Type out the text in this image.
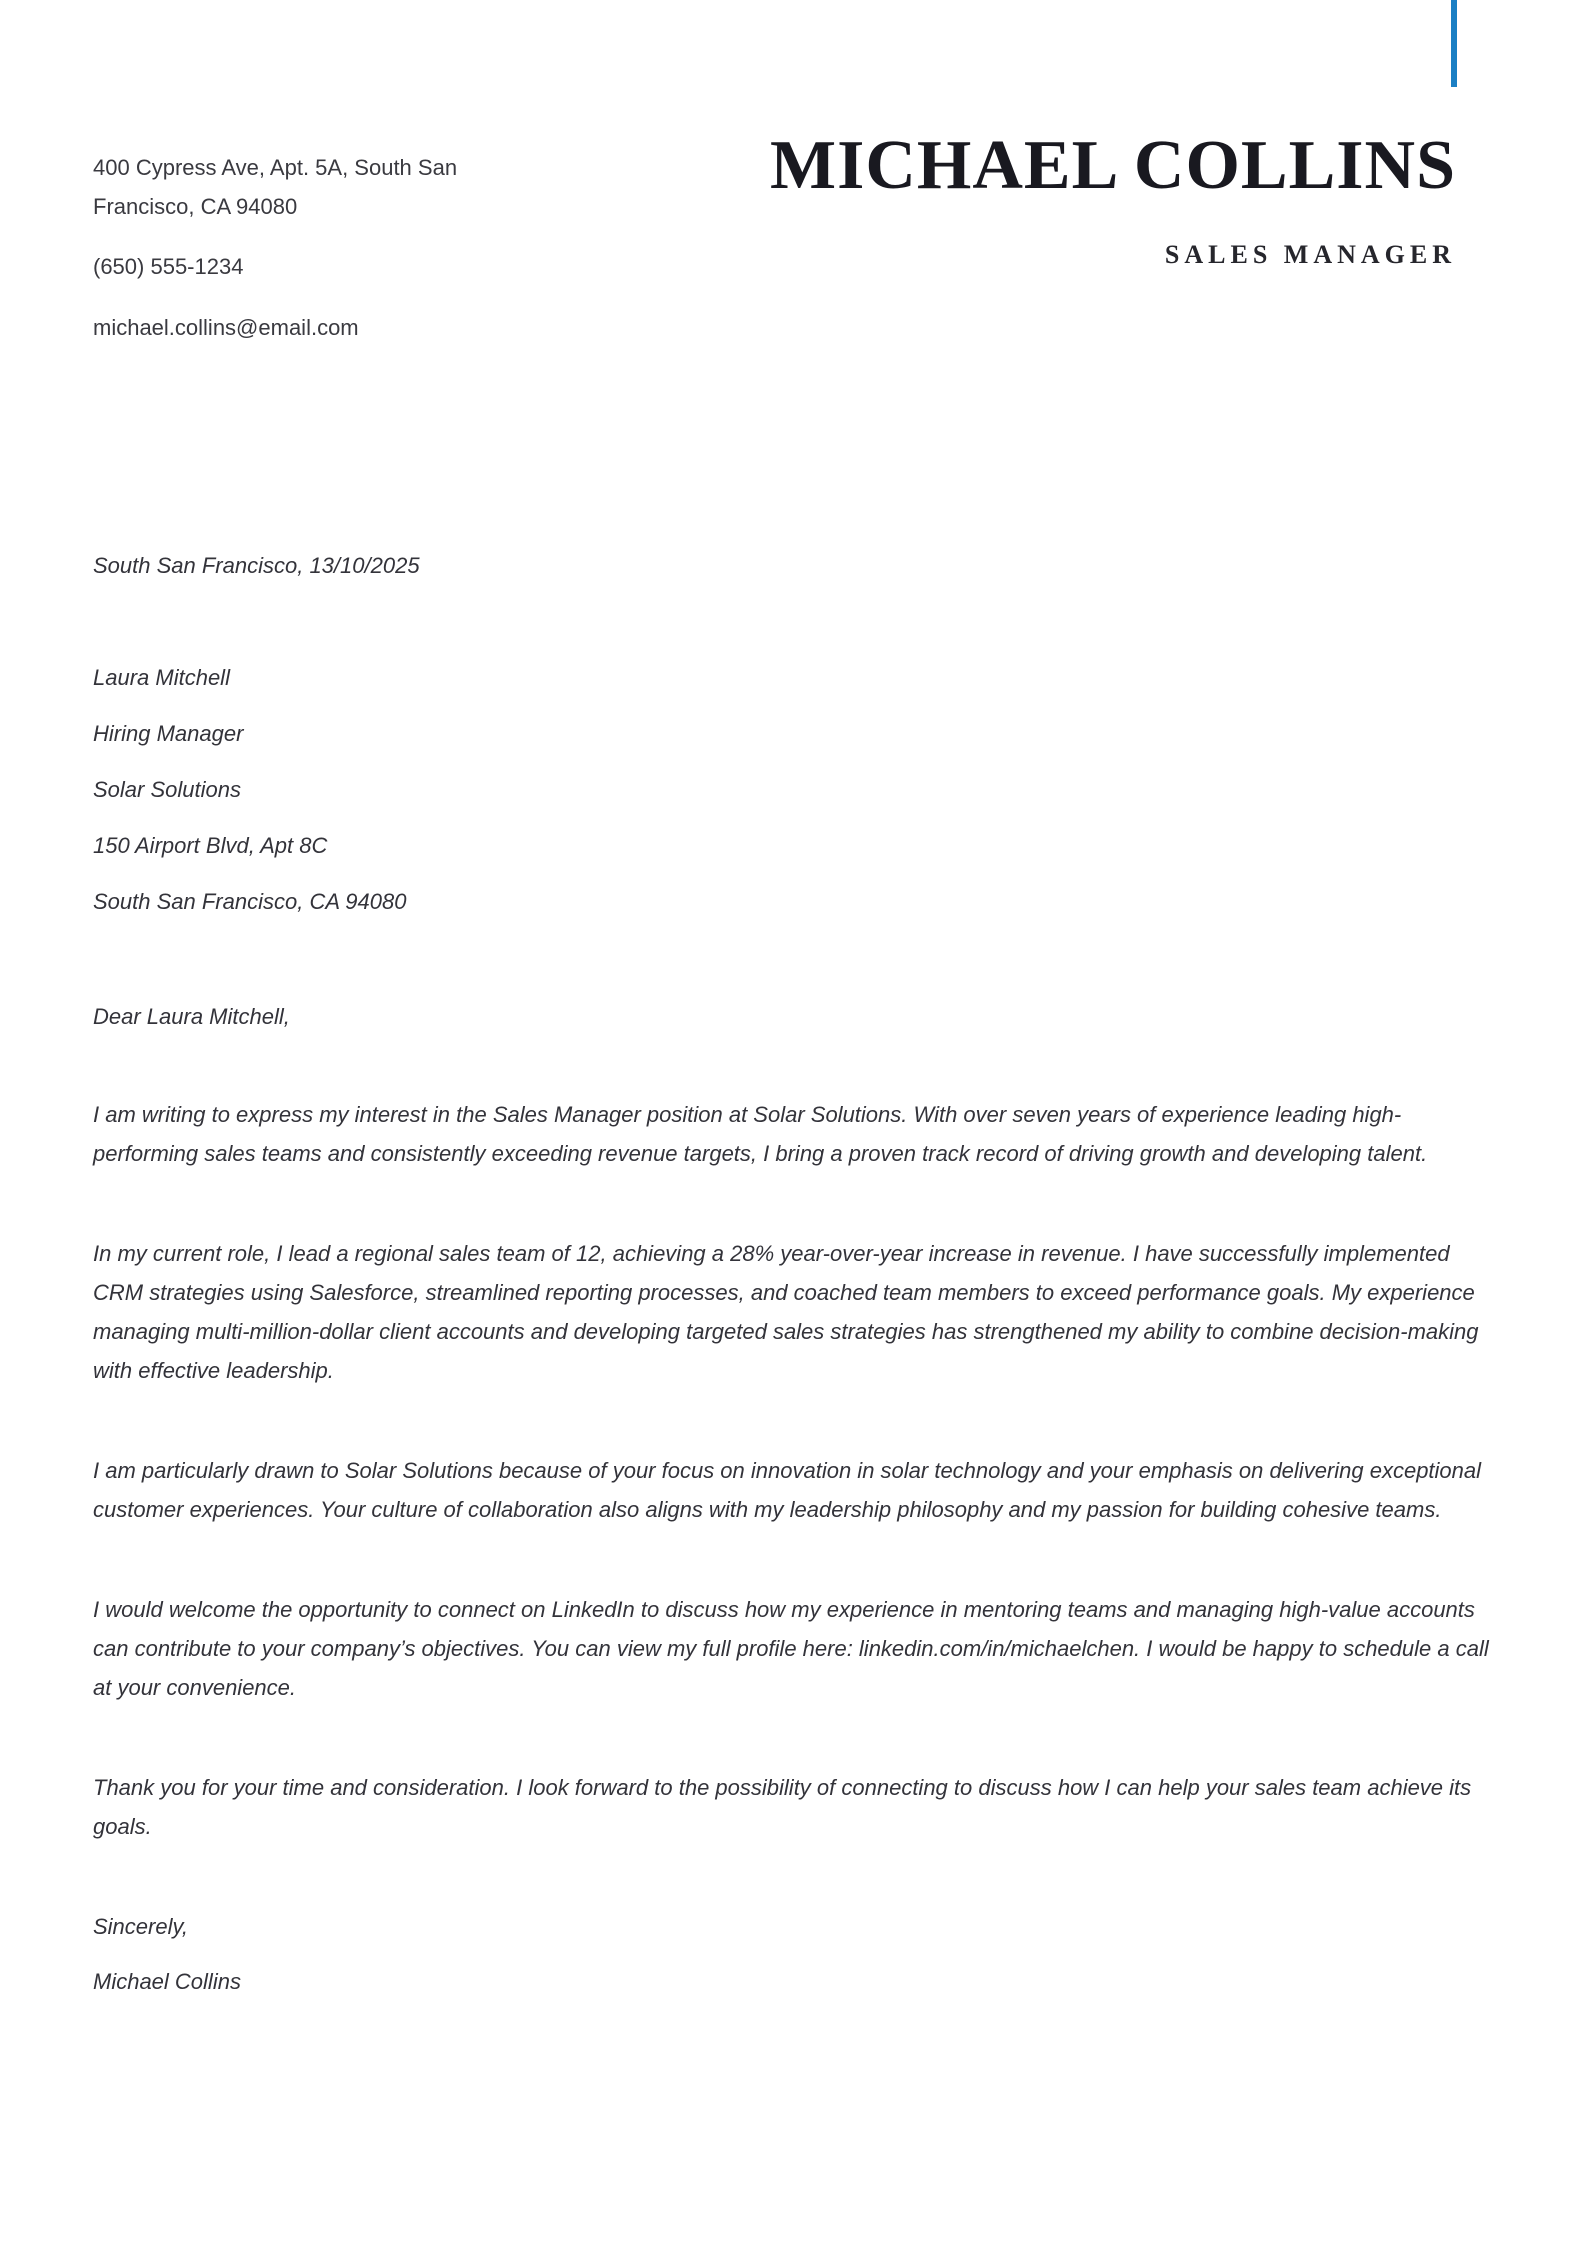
400 Cypress Ave, Apt. 5A, South San
Francisco, CA 94080
(650) 555-1234
michael.collins@email.com
MICHAEL COLLINS
SALES MANAGER

South San Francisco, 13/10/2025

Laura Mitchell
Hiring Manager
Solar Solutions
150 Airport Blvd, Apt 8C
South San Francisco, CA 94080

Dear Laura Mitchell,

I am writing to express my interest in the Sales Manager position at Solar Solutions. With over seven years of experience leading high-performing sales teams and consistently exceeding revenue targets, I bring a proven track record of driving growth and developing talent.

In my current role, I lead a regional sales team of 12, achieving a 28% year-over-year increase in revenue. I have successfully implemented CRM strategies using Salesforce, streamlined reporting processes, and coached team members to exceed performance goals. My experience managing multi-million-dollar client accounts and developing targeted sales strategies has strengthened my ability to combine decision-making with effective leadership.

I am particularly drawn to Solar Solutions because of your focus on innovation in solar technology and your emphasis on delivering exceptional customer experiences. Your culture of collaboration also aligns with my leadership philosophy and my passion for building cohesive teams.

I would welcome the opportunity to connect on LinkedIn to discuss how my experience in mentoring teams and managing high-value accounts can contribute to your company’s objectives. You can view my full profile here: linkedin.com/in/michaelchen. I would be happy to schedule a call at your convenience.

Thank you for your time and consideration. I look forward to the possibility of connecting to discuss how I can help your sales team achieve its goals.

Sincerely,

Michael Collins
